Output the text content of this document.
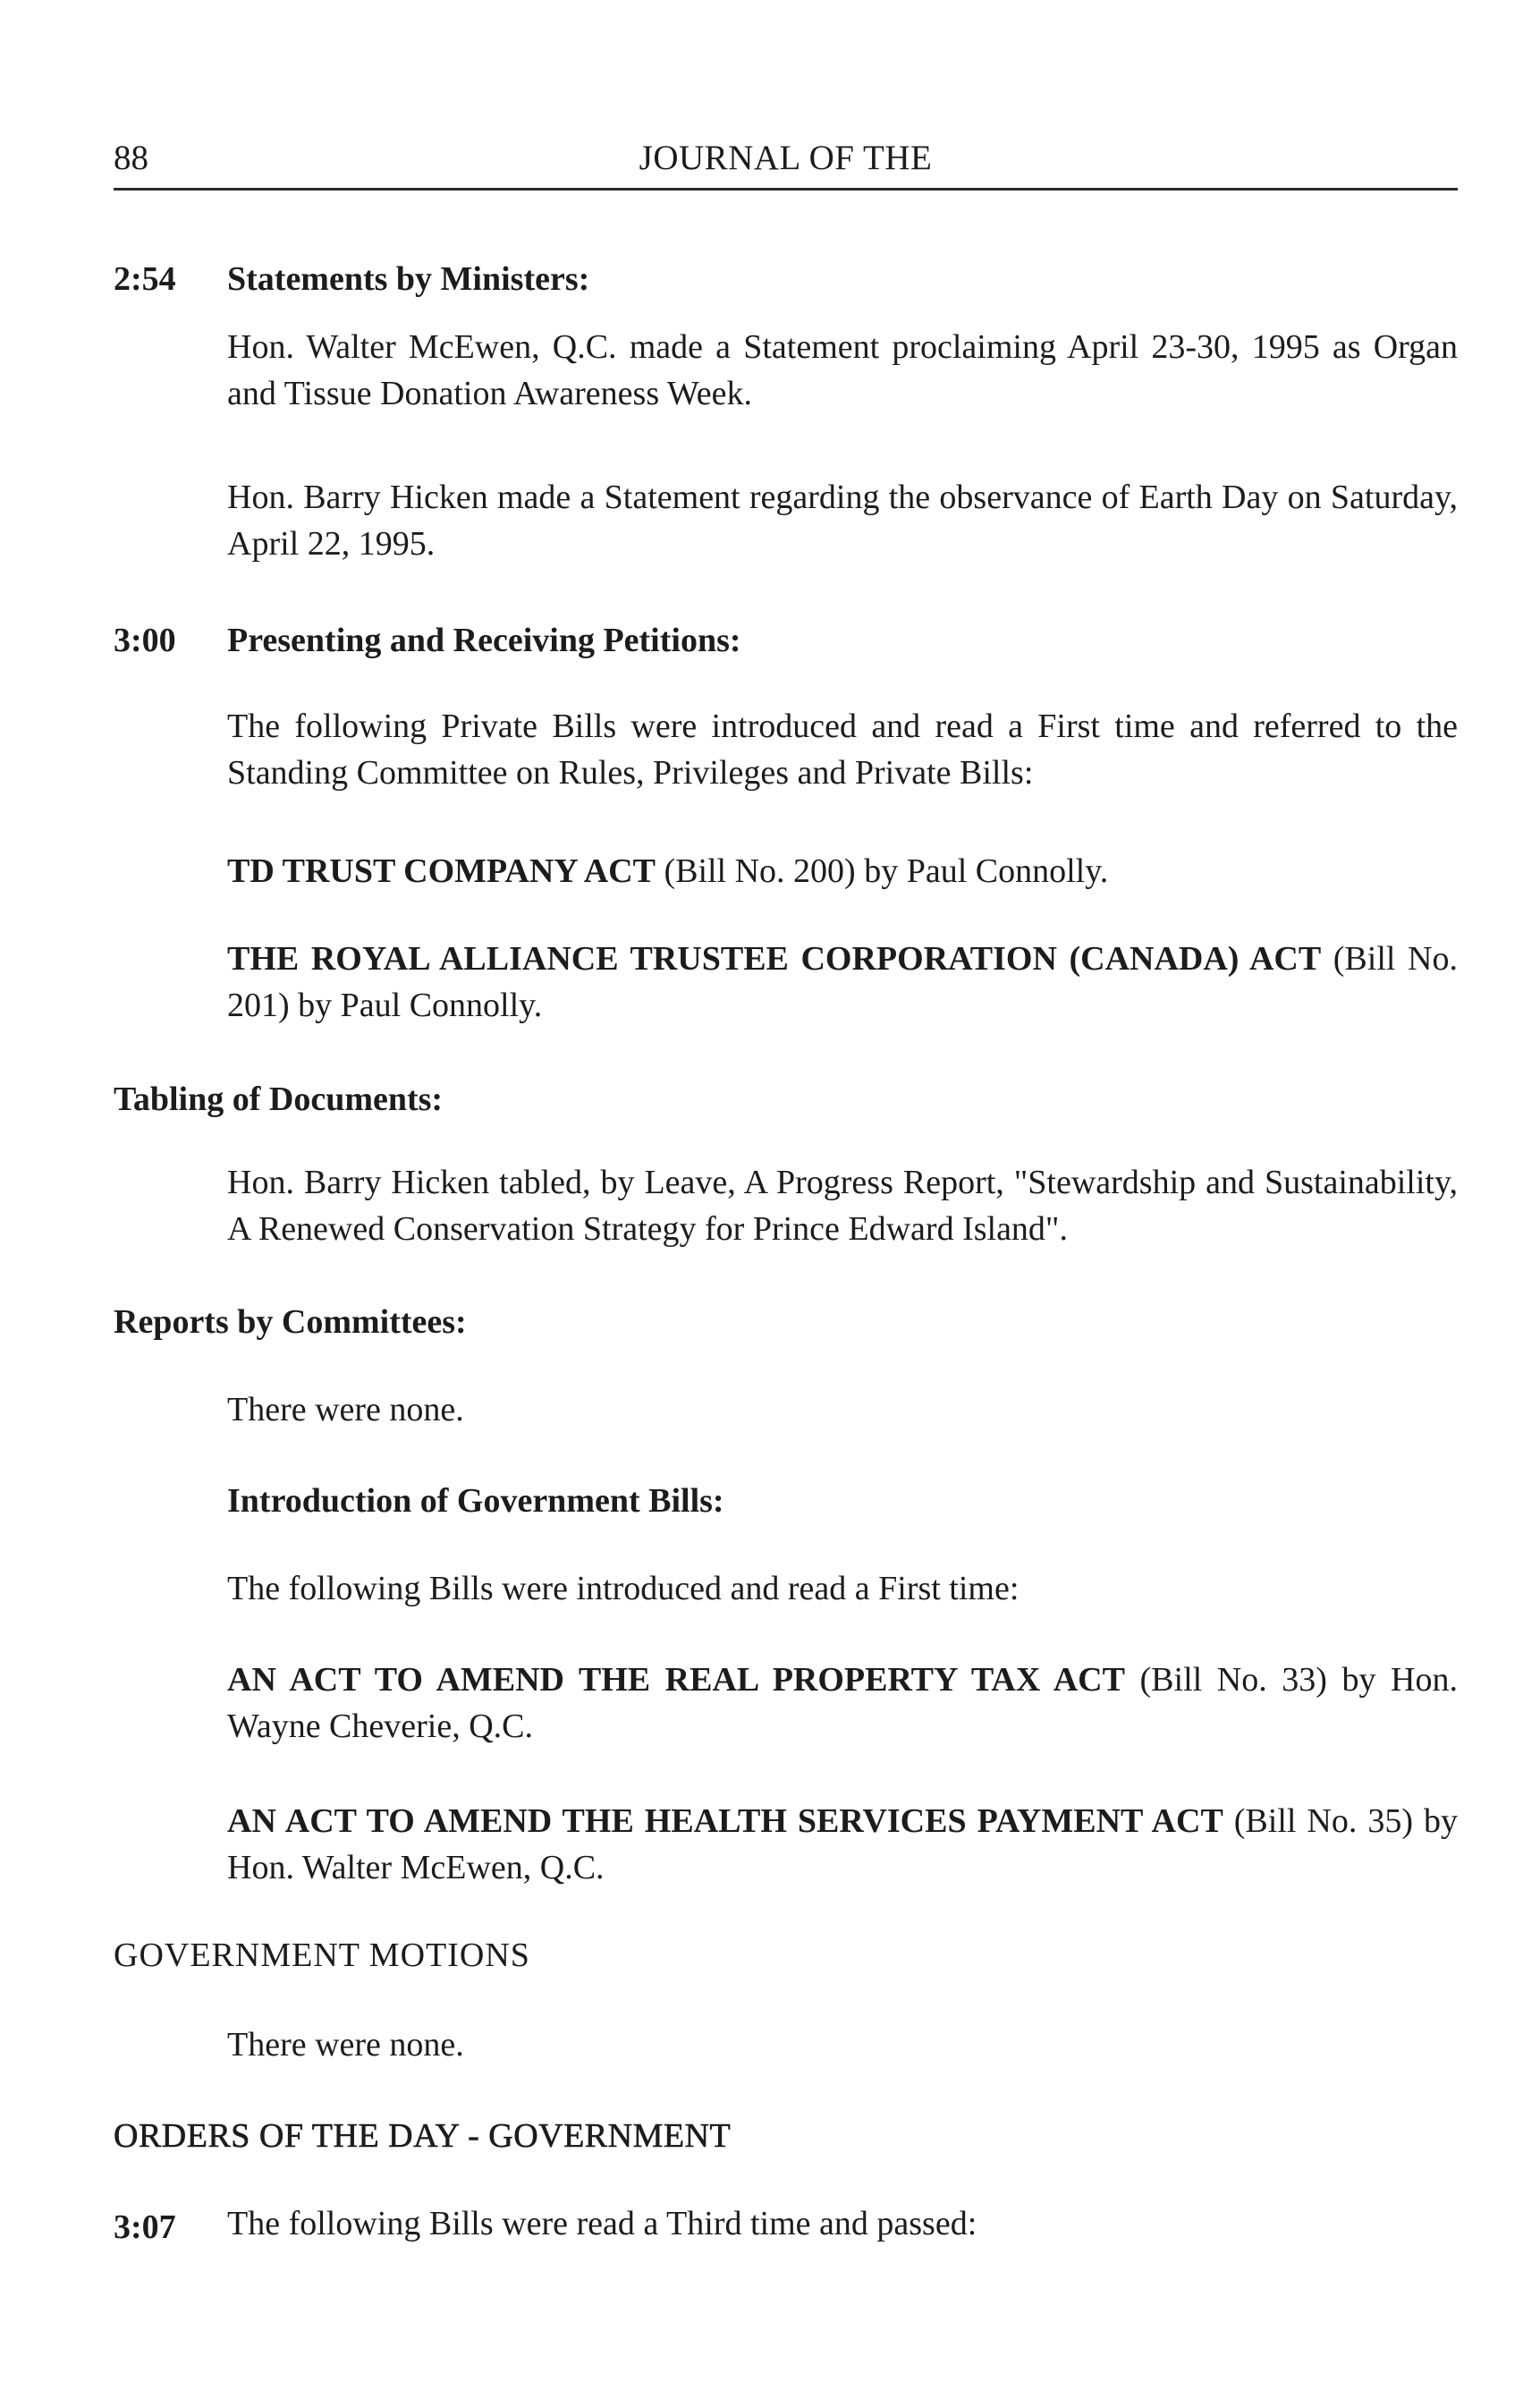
88	JOURNAL OF THE
2:54 Statements by Ministers:

Hon. Walter McEwen, Q.C. made a Statement proclaiming April 23-30, 1995 as Organ and Tissue Donation Awareness Week.

Hon. Barry Hicken made a Statement regarding the observance of Earth Day on Saturday, April 22, 1995.

3:00 Presenting and Receiving Petitions:

The following Private Bills were introduced and read a First time and referred to the Standing Committee on Rules, Privileges and Private Bills:

TD TRUST COMPANY ACT (Bill No. 200) by Paul Connolly.

THE ROYAL ALLIANCE TRUSTEE CORPORATION (CANADA) ACT (Bill No. 201) by Paul Connolly.

Tabling of Documents:

Hon. Barry Hicken tabled, by Leave, A Progress Report, "Stewardship and Sustainability, A Renewed Conservation Strategy for Prince Edward Island".

Reports by Committees:

There were none.

Introduction of Government Bills:

The following Bills were introduced and read a First time:

AN ACT TO AMEND THE REAL PROPERTY TAX ACT (Bill No. 33) by Hon. Wayne Cheverie, Q.C.

AN ACT TO AMEND THE HEALTH SERVICES PAYMENT ACT (Bill No. 35) by Hon. Walter McEwen, Q.C.

GOVERNMENT MOTIONS

There were none.

ORDERS OF THE DAY - GOVERNMENT
3:07 The following Bills were read a Third time and passed:
